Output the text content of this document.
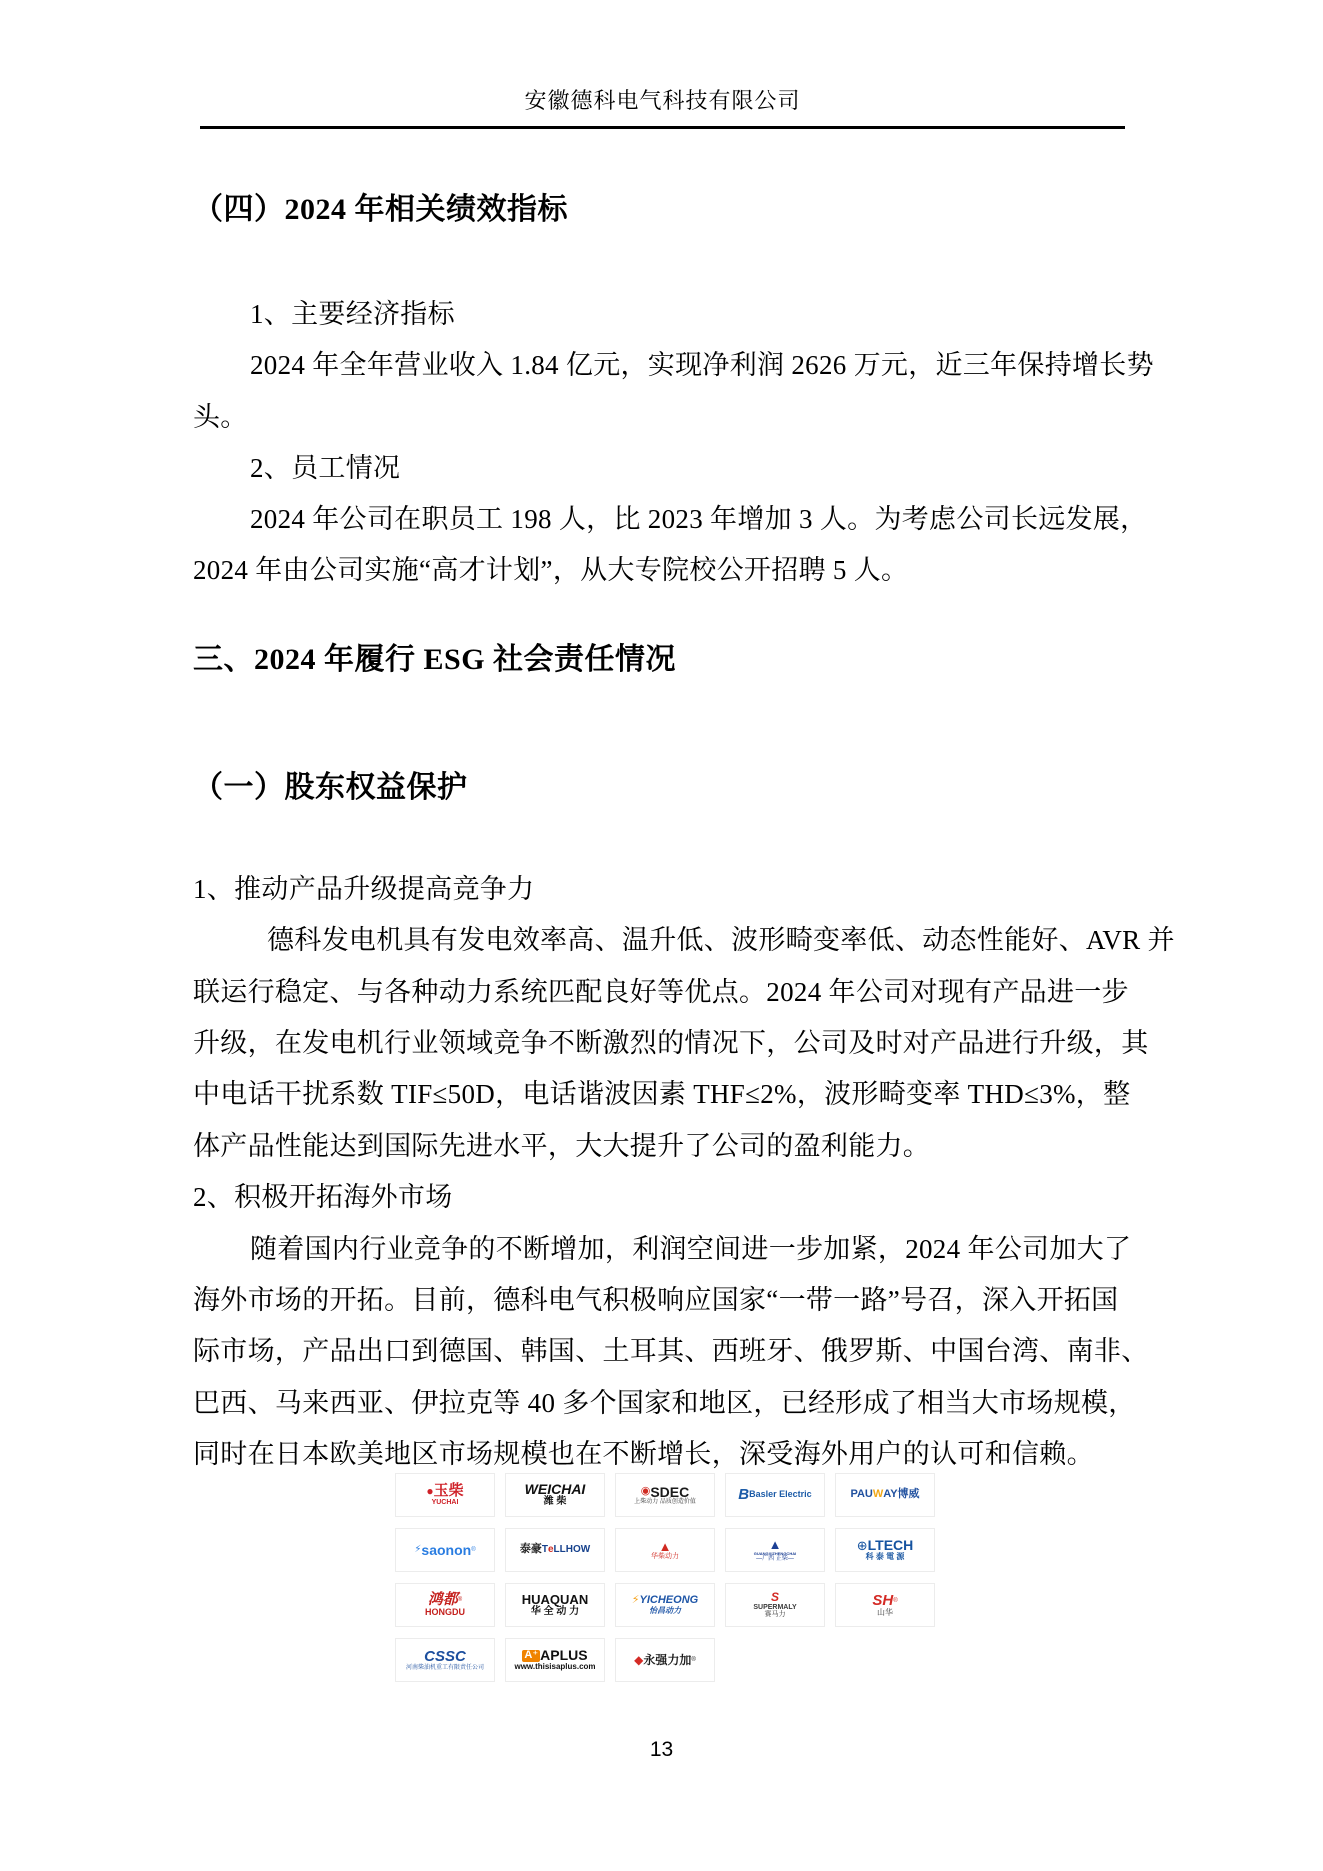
安徽德科电气科技有限公司

（四）2024 年相关绩效指标

1、主要经济指标

2024 年全年营业收入 1.84 亿元，实现净利润 2626 万元，近三年保持增长势

头。

2、员工情况

2024 年公司在职员工 198 人，比 2023 年增加 3 人。为考虑公司长远发展，

2024 年由公司实施“高才计划”，从大专院校公开招聘 5 人。

三、2024 年履行 ESG 社会责任情况

（一）股东权益保护

1、推动产品升级提高竞争力

德科发电机具有发电效率高、温升低、波形畸变率低、动态性能好、AVR 并

联运行稳定、与各种动力系统匹配良好等优点。2024 年公司对现有产品进一步

升级，在发电机行业领域竞争不断激烈的情况下，公司及时对产品进行升级，其

中电话干扰系数 TIF≤50D，电话谐波因素 THF≤2%，波形畸变率 THD≤3%，整

体产品性能达到国际先进水平，大大提升了公司的盈利能力。

2、积极开拓海外市场

随着国内行业竞争的不断增加，利润空间进一步加紧，2024 年公司加大了

海外市场的开拓。目前，德科电气积极响应国家“一带一路”号召，深入开拓国

际市场，产品出口到德国、韩国、土耳其、西班牙、俄罗斯、中国台湾、南非、

巴西、马来西亚、伊拉克等 40 多个国家和地区，已经形成了相当大市场规模，

同时在日本欧美地区市场规模也在不断增长，深受海外用户的认可和信赖。

● 玉柴
YUCHAI
WEICHAI
潍 柴
◉ SDEC
上柴动力 品质创造价值	B Basler Electric	PAU W AY 博威
⚡ saonon ®	泰豪 T e LLHOW	▲
华柴动力
▲
GUANGXIZHENGCHAI
—广西 正柴—
⊕ LTECH
科 泰 電 源
鸿都 ®
HONGDU
HUAQUAN
华 全 动 力
⚡ YICHEONG
怡昌动力
S
SUPERMALY
赛马力
SH ®
山华
CSSC
河南柴油机重工有限责任公司
A⁺ APLUS
www.thisisaplus.com	◆ 永强力加 ®
13
